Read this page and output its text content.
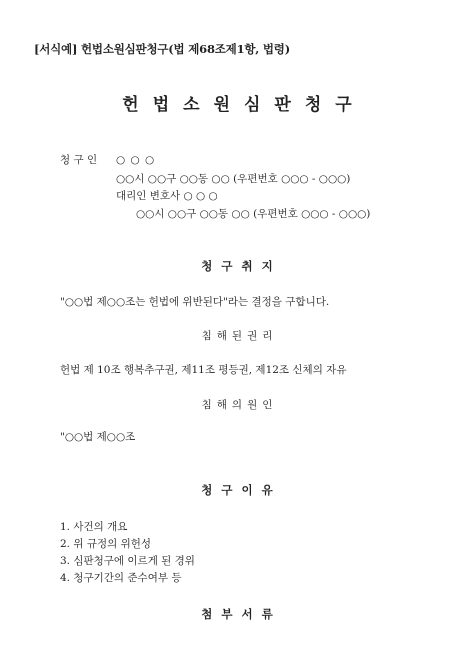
[서식예] 헌법소원심판청구(법 제68조제1항, 법령)
헌법소원심판청구
청 구 인 ○ ○ ○
○○시 ○○구 ○○동 ○○ (우편번호 ○○○ - ○○○)
대리인 변호사 ○ ○ ○
○○시 ○○구 ○○동 ○○ (우편번호 ○○○ - ○○○)
청구취지
"○○법 제○○조는 헌법에 위반된다"라는 결정을 구합니다.
침해된권리
헌법 제 10조 행복추구권, 제11조 평등권, 제12조 신체의 자유
침해의원인
"○○법 제○○조
청구이유
1. 사건의 개요
2. 위 규정의 위헌성
3. 심판청구에 이르게 된 경위
4. 청구기간의 준수여부 등
첨부서류
